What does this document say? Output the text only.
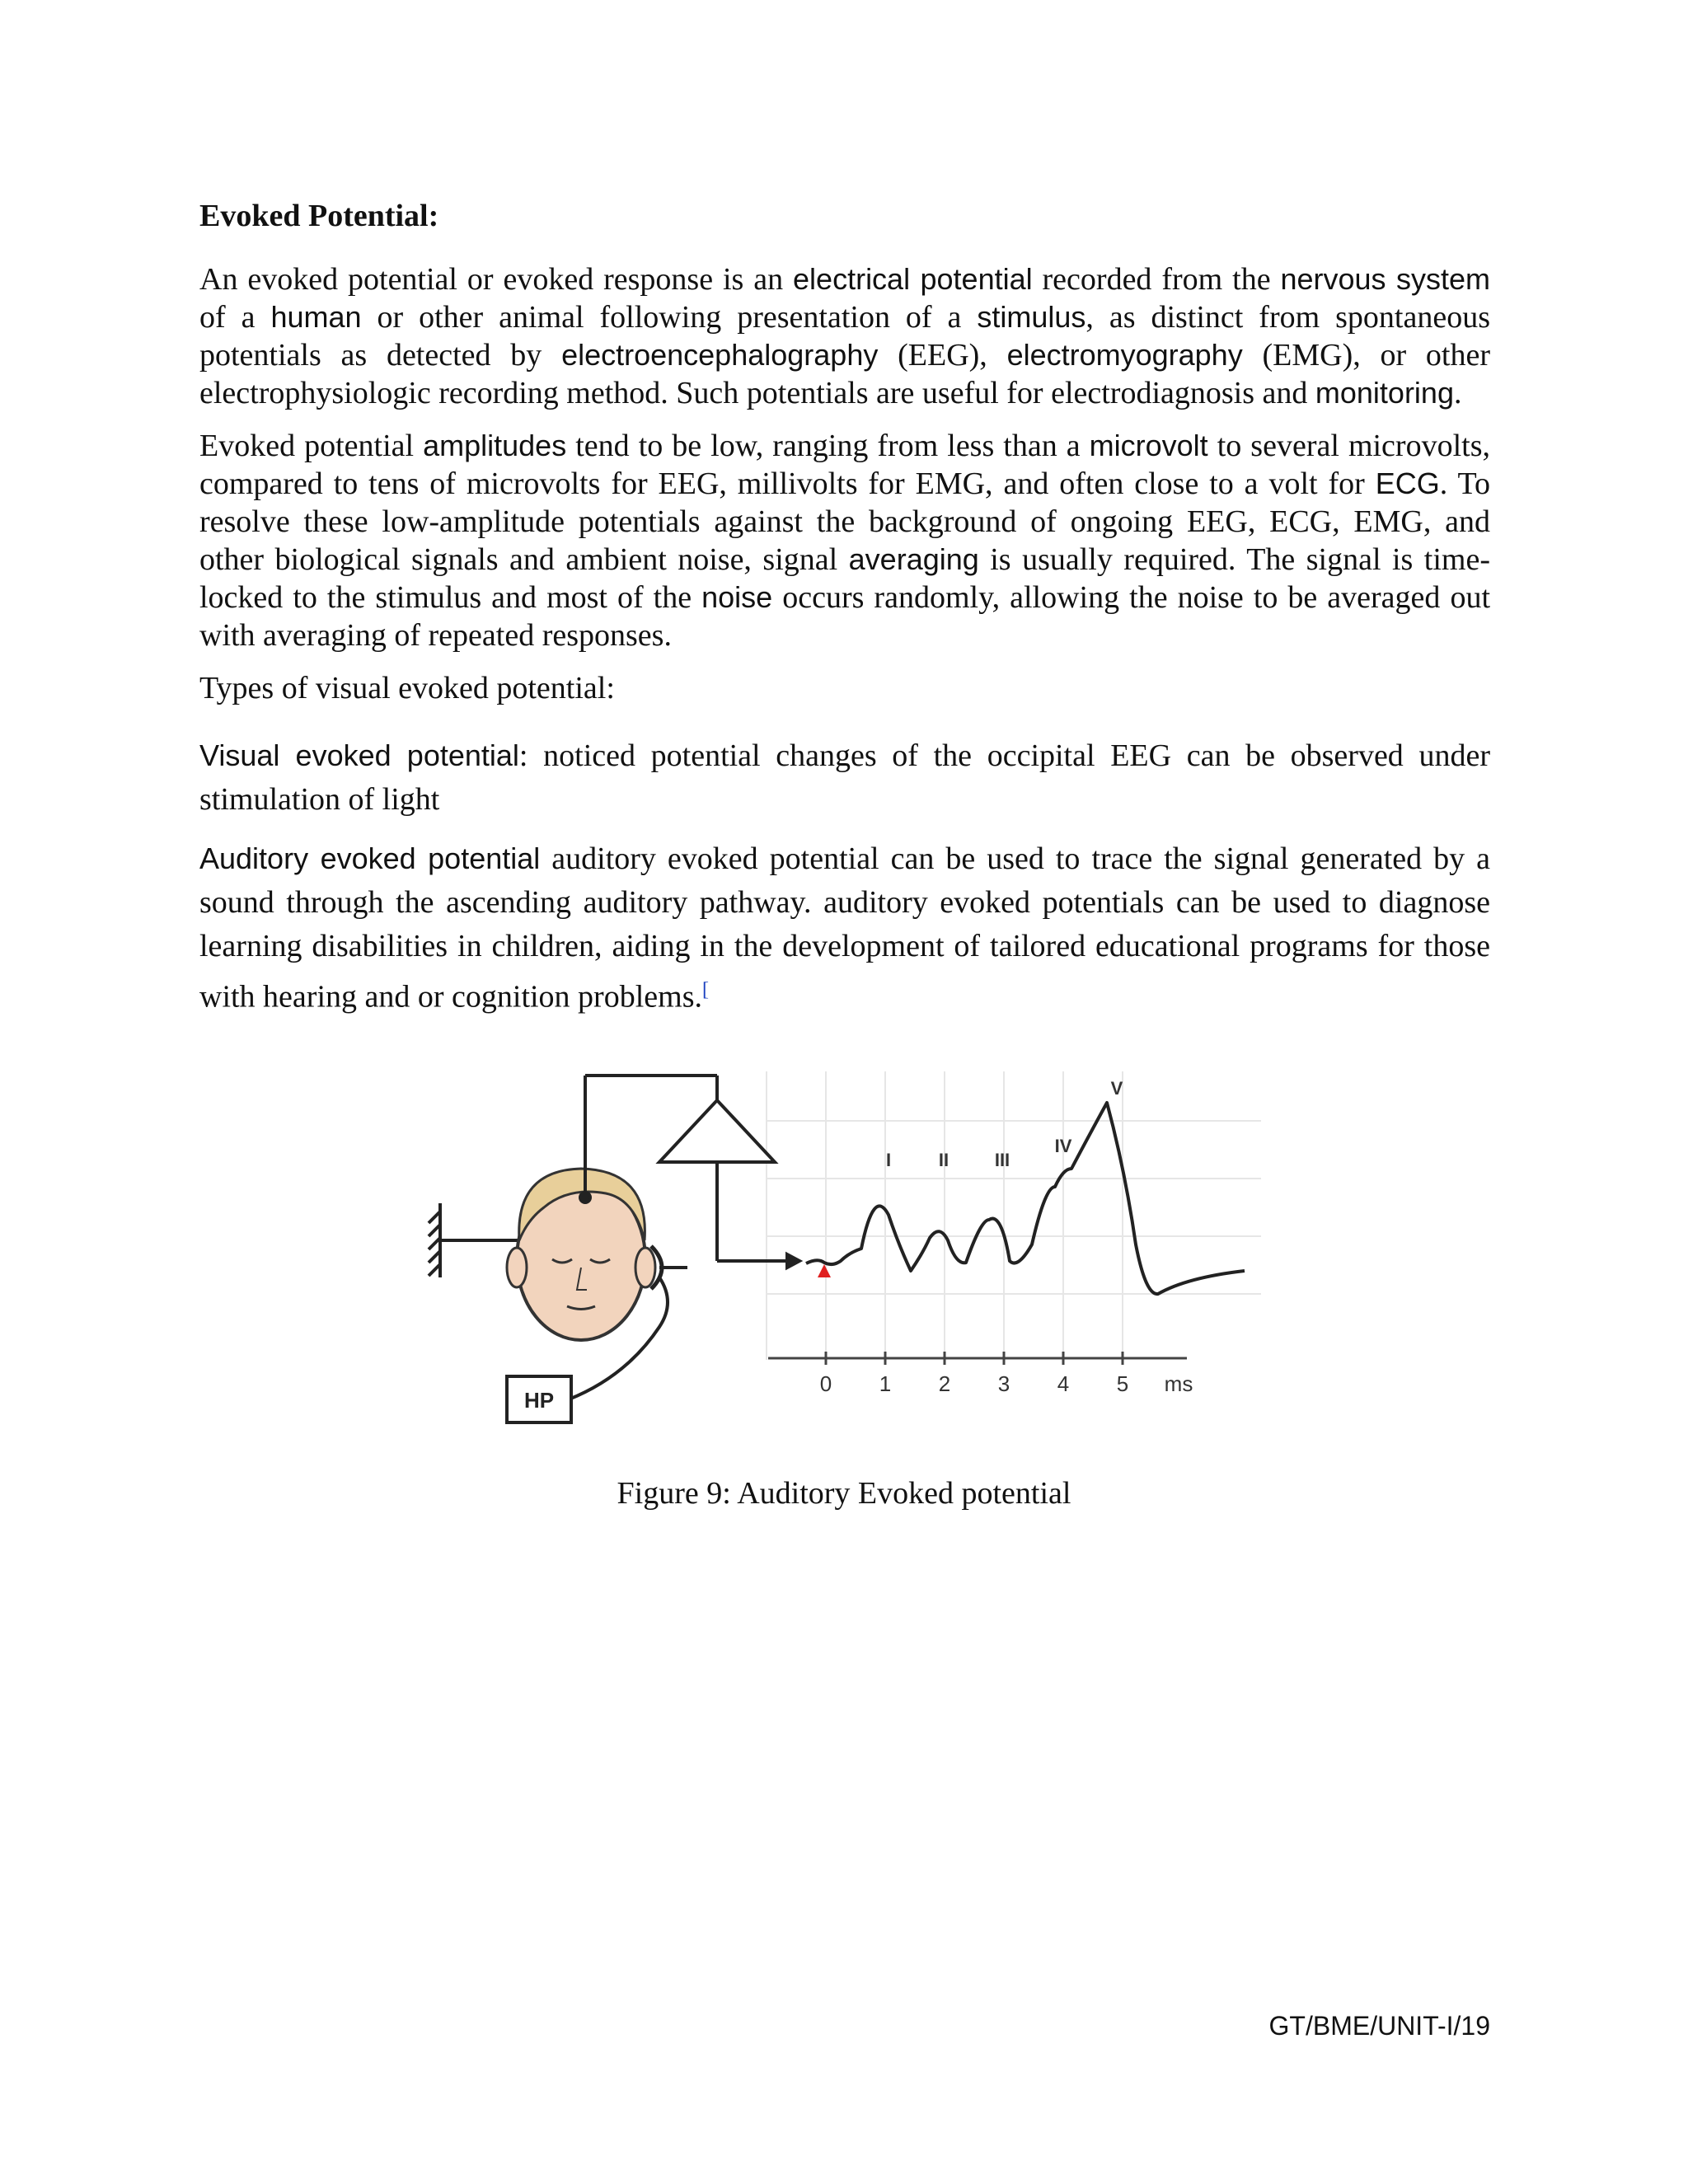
Evoked Potential:

An evoked potential or evoked response is an electrical potential recorded from the nervous system of a human or other animal following presentation of a stimulus, as distinct from spontaneous potentials as detected by electroencephalography (EEG), electromyography (EMG), or other electrophysiologic recording method. Such potentials are useful for electrodiagnosis and monitoring.

Evoked potential amplitudes tend to be low, ranging from less than a microvolt to several microvolts, compared to tens of microvolts for EEG, millivolts for EMG, and often close to a volt for ECG. To resolve these low-amplitude potentials against the background of ongoing EEG, ECG, EMG, and other biological signals and ambient noise, signal averaging is usually required. The signal is time-locked to the stimulus and most of the noise occurs randomly, allowing the noise to be averaged out with averaging of repeated responses.

Types of visual evoked potential:

Visual evoked potential: noticed potential changes of the occipital EEG can be observed under stimulation of light

Auditory evoked potential auditory evoked potential can be used to trace the signal generated by a sound through the ascending auditory pathway. auditory evoked potentials can be used to diagnose learning disabilities in children, aiding in the development of tailored educational programs for those with hearing and or cognition problems.[

HP
I	II	III
IV
V
0 1 2 3 4 5 ms
Figure 9: Auditory Evoked potential
GT/BME/UNIT-I/19
